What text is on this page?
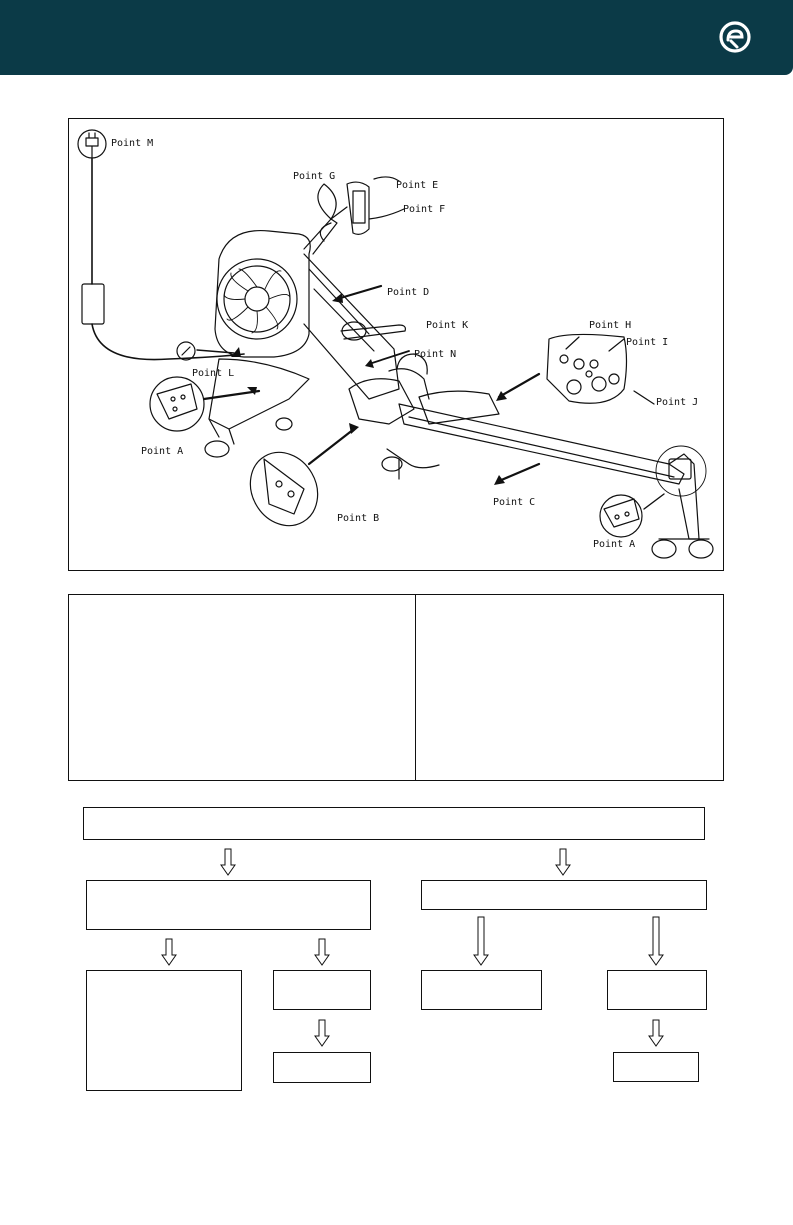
Point M
Point G
Point E
Point F
Point D
Point K	Point H
Point I
Point L
Point N
Point A
Point J
Point B
Point C
Point A
